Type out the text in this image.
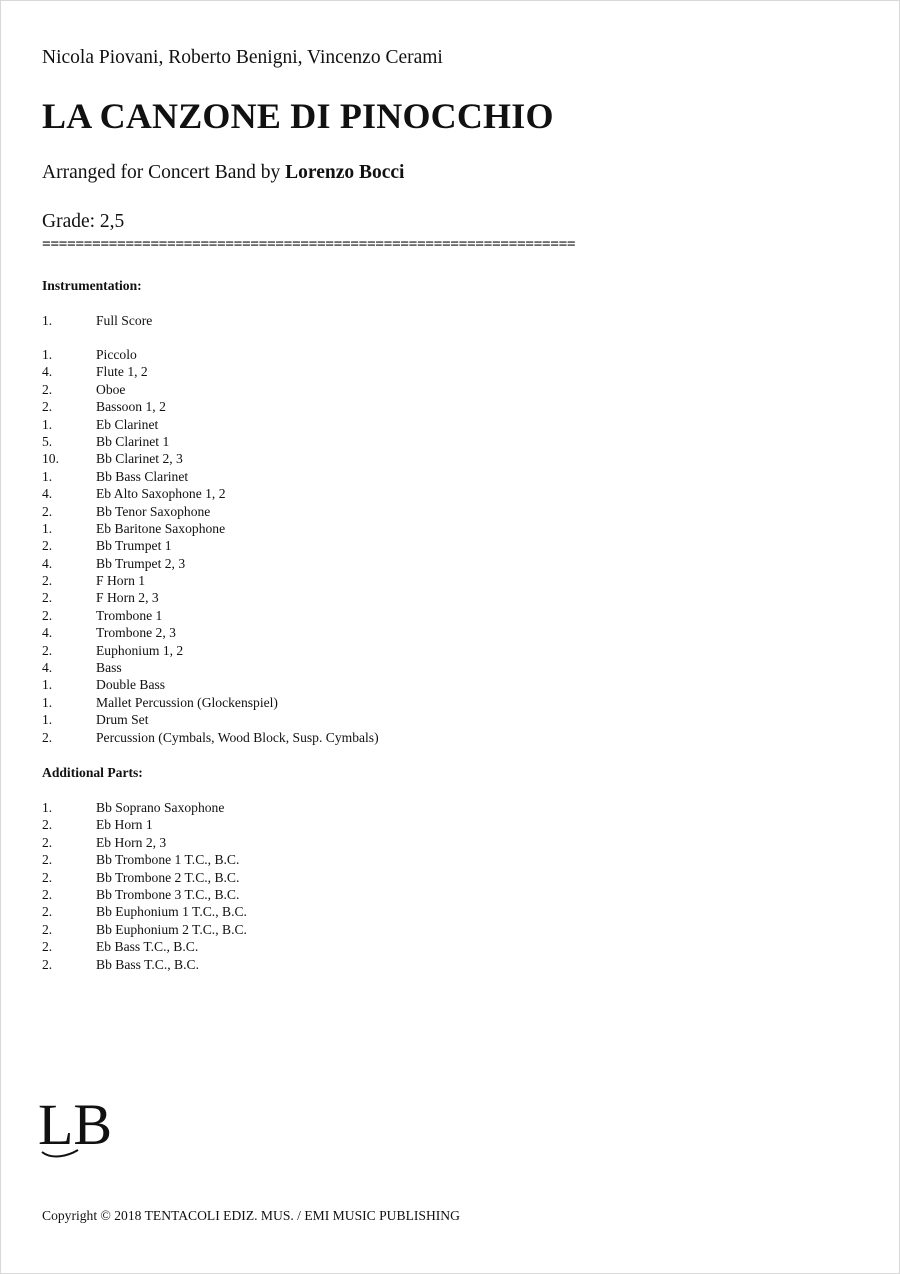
Nicola Piovani, Roberto Benigni, Vincenzo Cerami
LA CANZONE DI PINOCCHIO
Arranged for Concert Band by Lorenzo Bocci
Grade: 2,5
================================================================
Instrumentation:
1.	Full Score
1.	Piccolo
4.	Flute 1, 2
2.	Oboe
2.	Bassoon 1, 2
1.	Eb Clarinet
5.	Bb Clarinet 1
10.	Bb Clarinet 2, 3
1.	Bb Bass Clarinet
4.	Eb Alto Saxophone 1, 2
2.	Bb Tenor Saxophone
1.	Eb Baritone Saxophone
2.	Bb Trumpet 1
4.	Bb Trumpet 2, 3
2.	F Horn 1
2.	F Horn 2, 3
2.	Trombone 1
4.	Trombone 2, 3
2.	Euphonium 1, 2
4.	Bass
1.	Double Bass
1.	Mallet Percussion (Glockenspiel)
1.	Drum Set
2.	Percussion (Cymbals, Wood Block, Susp. Cymbals)
Additional Parts:
1.	Bb Soprano Saxophone
2.	Eb Horn 1
2.	Eb Horn 2, 3
2.	Bb Trombone 1 T.C., B.C.
2.	Bb Trombone 2 T.C., B.C.
2.	Bb Trombone 3 T.C., B.C.
2.	Bb Euphonium 1 T.C., B.C.
2.	Bb Euphonium 2 T.C., B.C.
2.	Eb Bass T.C., B.C.
2.	Bb Bass T.C., B.C.
LB
Copyright © 2018 TENTACOLI EDIZ. MUS. / EMI MUSIC PUBLISHING
